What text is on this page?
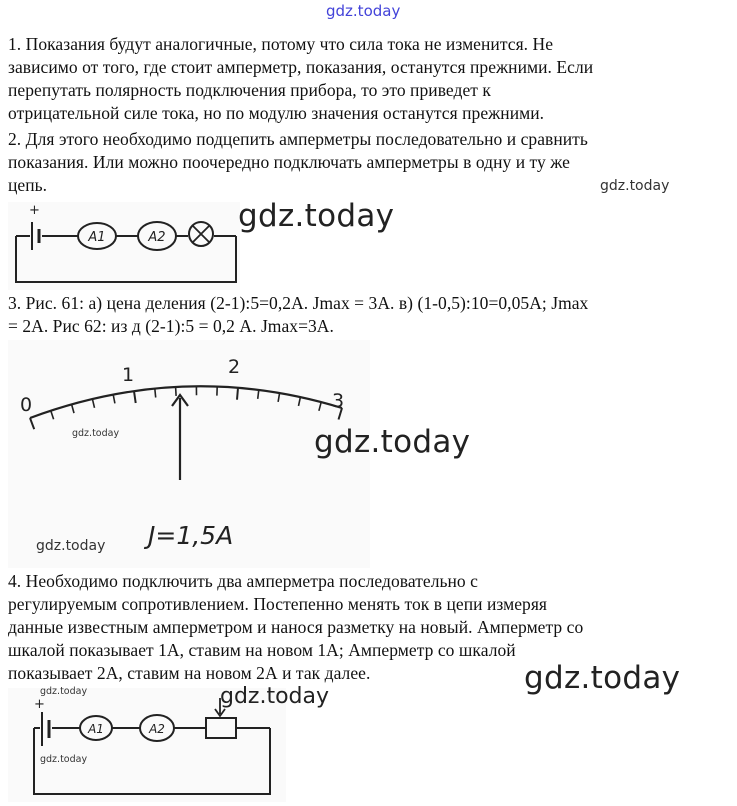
gdz.today
1. Показания будут аналогичные, потому что сила тока не изменится. Не
зависимо от того, где стоит амперметр, показания, останутся прежними. Если
перепутать полярность подключения прибора, то это приведет к
отрицательной силе тока, но по модулю значения останутся прежними.
2. Для этого необходимо подцепить амперметры последовательно и сравнить
показания. Или можно поочередно подключать амперметры в одну и ту же
цепь.	gdz.today
+
A1	A2
gdz.today
3. Рис. 61: а) цена деления (2-1):5=0,2А. Jmax = 3А. в) (1-0,5):10=0,05А; Jmax
= 2А. Рис 62: из д (2-1):5 = 0,2 А. Jmax=3А.
0
1	2
3
J=1,5A
gdz.today	gdz.today
gdz.today
4. Необходимо подключить два амперметра последовательно с
регулируемым сопротивлением. Постепенно менять ток в цепи измеряя
данные известным амперметром и нанося разметку на новый. Амперметр со
шкалой показывает 1А, ставим на новом 1А; Амперметр со шкалой
показывает 2А, ставим на новом 2А и так далее.	gdz.today
+
A1	A2
gdz.today	gdz.today
gdz.today
